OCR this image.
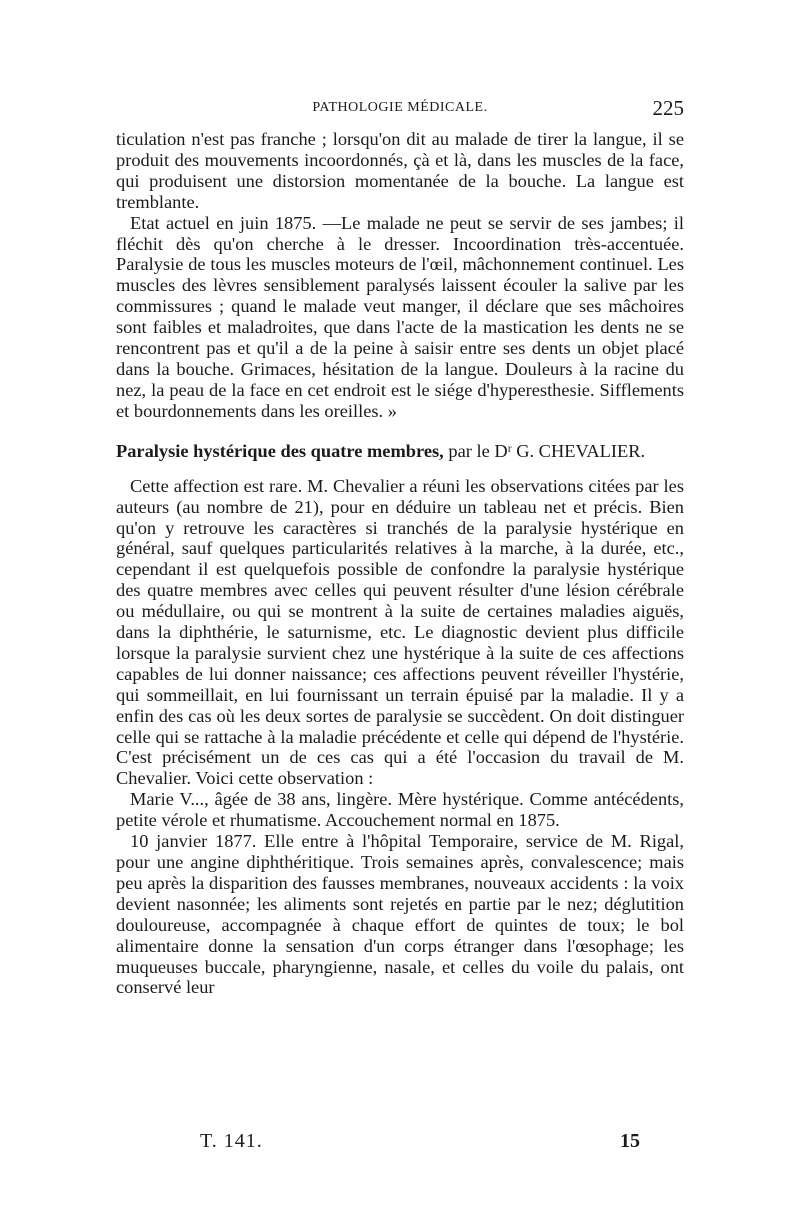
PATHOLOGIE MÉDICALE.	225

ticulation n'est pas franche ; lorsqu'on dit au malade de tirer la langue, il se produit des mouvements incoordonnés, çà et là, dans les muscles de la face, qui produisent une distorsion momentanée de la bouche. La langue est tremblante.

Etat actuel en juin 1875. —Le malade ne peut se servir de ses jambes; il fléchit dès qu'on cherche à le dresser. Incoordination très-accentuée. Paralysie de tous les muscles moteurs de l'œil, mâchonnement continuel. Les muscles des lèvres sensiblement paralysés laissent écouler la salive par les commissures ; quand le malade veut manger, il déclare que ses mâchoires sont faibles et maladroites, que dans l'acte de la mastication les dents ne se rencontrent pas et qu'il a de la peine à saisir entre ses dents un objet placé dans la bouche. Grimaces, hésitation de la langue. Douleurs à la racine du nez, la peau de la face en cet endroit est le siége d'hyperesthesie. Sifflements et bourdonnements dans les oreilles. »

Paralysie hystérique des quatre membres, par le Dʳ G. CHEVALIER.

Cette affection est rare. M. Chevalier a réuni les observations citées par les auteurs (au nombre de 21), pour en déduire un tableau net et précis. Bien qu'on y retrouve les caractères si tranchés de la paralysie hystérique en général, sauf quelques particularités relatives à la marche, à la durée, etc., cependant il est quelquefois possible de confondre la paralysie hystérique des quatre membres avec celles qui peuvent résulter d'une lésion cérébrale ou médullaire, ou qui se montrent à la suite de certaines maladies aiguës, dans la diphthérie, le saturnisme, etc. Le diagnostic devient plus difficile lorsque la paralysie survient chez une hystérique à la suite de ces affections capables de lui donner naissance; ces affections peuvent réveiller l'hystérie, qui sommeillait, en lui fournissant un terrain épuisé par la maladie. Il y a enfin des cas où les deux sortes de paralysie se succèdent. On doit distinguer celle qui se rattache à la maladie précédente et celle qui dépend de l'hystérie. C'est précisément un de ces cas qui a été l'occasion du travail de M. Chevalier. Voici cette observation :

Marie V..., âgée de 38 ans, lingère. Mère hystérique. Comme antécédents, petite vérole et rhumatisme. Accouchement normal en 1875.

10 janvier 1877. Elle entre à l'hôpital Temporaire, service de M. Rigal, pour une angine diphthéritique. Trois semaines après, convalescence; mais peu après la disparition des fausses membranes, nouveaux accidents : la voix devient nasonnée; les aliments sont rejetés en partie par le nez; déglutition douloureuse, accompagnée à chaque effort de quintes de toux; le bol alimentaire donne la sensation d'un corps étranger dans l'œsophage; les muqueuses buccale, pharyngienne, nasale, et celles du voile du palais, ont conservé leur

T. 141.	15
